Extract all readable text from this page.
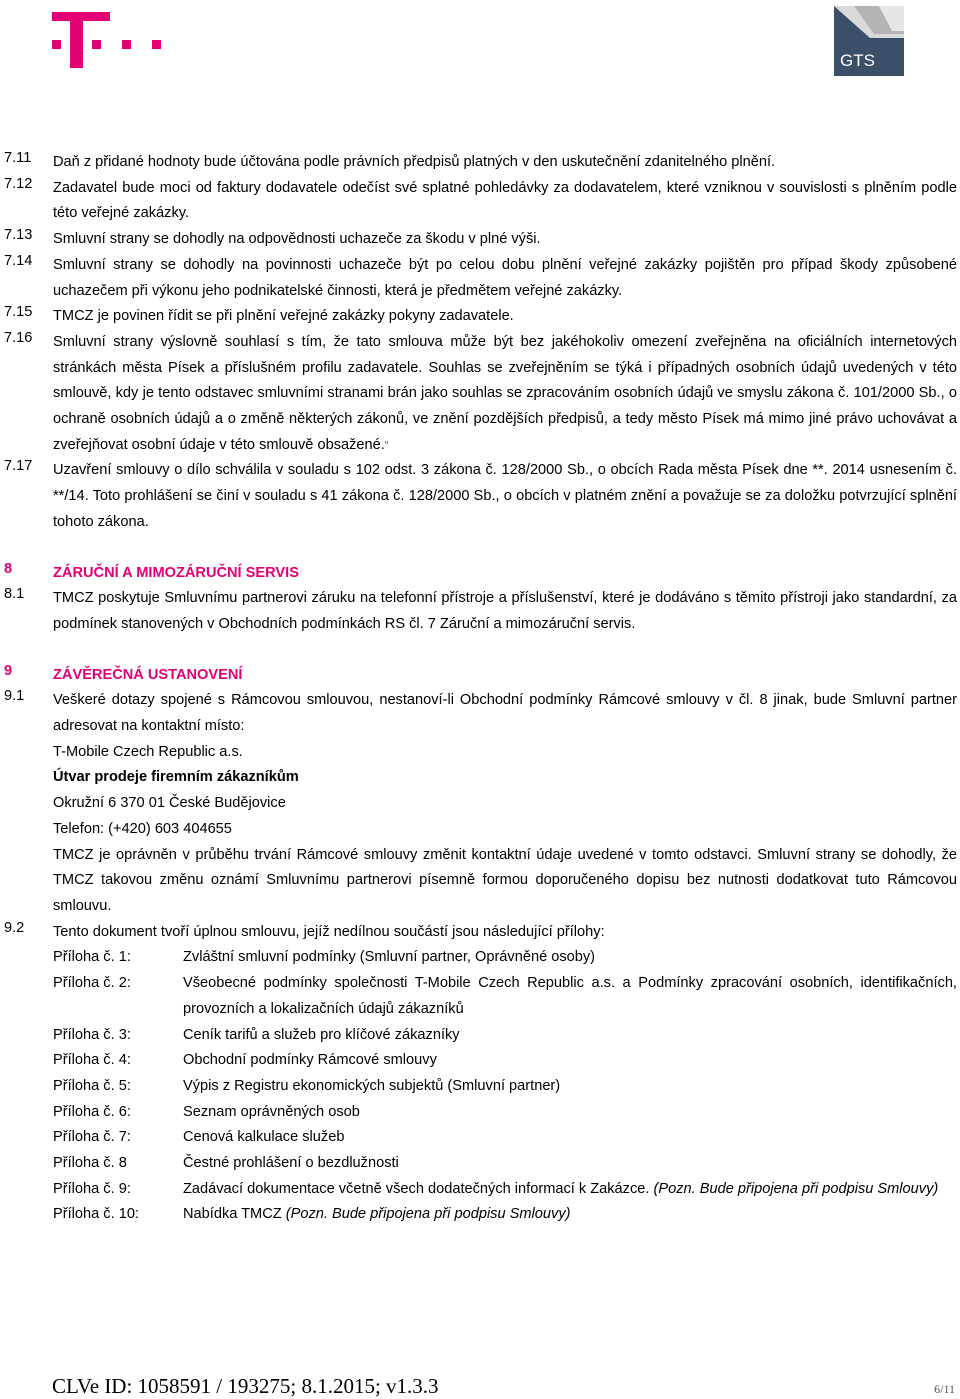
GTS
7.11 Daň z přidané hodnoty bude účtována podle právních předpisů platných v den uskutečnění zdanitelného plnění.
7.12 Zadavatel bude moci od faktury dodavatele odečíst své splatné pohledávky za dodavatelem, které vzniknou v souvislosti s plněním podle této veřejné zakázky.
7.13 Smluvní strany se dohodly na odpovědnosti uchazeče za škodu v plné výši.
7.14 Smluvní strany se dohodly na povinnosti uchazeče být po celou dobu plnění veřejné zakázky pojištěn pro případ škody způsobené uchazečem při výkonu jeho podnikatelské činnosti, která je předmětem veřejné zakázky.
7.15 TMCZ je povinen řídit se při plnění veřejné zakázky pokyny zadavatele.
7.16 Smluvní strany výslovně souhlasí s tím, že tato smlouva může být bez jakéhokoliv omezení zveřejněna na oficiálních internetových stránkách města Písek a příslušném profilu zadavatele. Souhlas se zveřejněním se týká i případných osobních údajů uvedených v této smlouvě, kdy je tento odstavec smluvními stranami brán jako souhlas se zpracováním osobních údajů ve smyslu zákona č. 101/2000 Sb., o ochraně osobních údajů a o změně některých zákonů, ve znění pozdějších předpisů, a tedy město Písek má mimo jiné právo uchovávat a zveřejňovat osobní údaje v této smlouvě obsažené.“
7.17 Uzavření smlouvy o dílo schválila v souladu s 102 odst. 3 zákona č. 128/2000 Sb., o obcích Rada města Písek dne **. 2014 usnesením č. **/14. Toto prohlášení se činí v souladu s 41 zákona č. 128/2000 Sb., o obcích v platném znění a považuje se za doložku potvrzující splnění tohoto zákona.
8	ZÁRUČNÍ A MIMOZÁRUČNÍ SERVIS
8.1 TMCZ poskytuje Smluvnímu partnerovi záruku na telefonní přístroje a příslušenství, které je dodáváno s těmito přístroji jako standardní, za podmínek stanovených v Obchodních podmínkách RS čl. 7 Záruční a mimozáruční servis.
9	ZÁVĚREČNÁ USTANOVENÍ
9.1 Veškeré dotazy spojené s Rámcovou smlouvou, nestanoví-li Obchodní podmínky Rámcové smlouvy v čl. 8 jinak, bude Smluvní partner adresovat na kontaktní místo:
T-Mobile Czech Republic a.s.
Útvar prodeje firemním zákazníkům
Okružní 6 370 01 České Budějovice
Telefon: (+420) 603 404655
TMCZ je oprávněn v průběhu trvání Rámcové smlouvy změnit kontaktní údaje uvedené v tomto odstavci. Smluvní strany se dohodly, že TMCZ takovou změnu oznámí Smluvnímu partnerovi písemně formou doporučeného dopisu bez nutnosti dodatkovat tuto Rámcovou smlouvu.
9.2 Tento dokument tvoří úplnou smlouvu, jejíž nedílnou součástí jsou následující přílohy:
Příloha č. 1:	Zvláštní smluvní podmínky (Smluvní partner, Oprávněné osoby)
Příloha č. 2:	Všeobecné podmínky společnosti T-Mobile Czech Republic a.s. a Podmínky zpracování osobních, identifikačních, provozních a lokalizačních údajů zákazníků
Příloha č. 3:	Ceník tarifů a služeb pro klíčové zákazníky
Příloha č. 4:	Obchodní podmínky Rámcové smlouvy
Příloha č. 5:	Výpis z Registru ekonomických subjektů (Smluvní partner)
Příloha č. 6:	Seznam oprávněných osob
Příloha č. 7:	Cenová kalkulace služeb
Příloha č. 8	Čestné prohlášení o bezdlužnosti
Příloha č. 9:	Zadávací dokumentace včetně všech dodatečných informací k Zakázce. (Pozn. Bude připojena při podpisu Smlouvy)
Příloha č. 10:	Nabídka TMCZ (Pozn. Bude připojena při podpisu Smlouvy)
CLVe ID: 1058591 / 193275; 8.1.2015; v1.3.3	6/11
